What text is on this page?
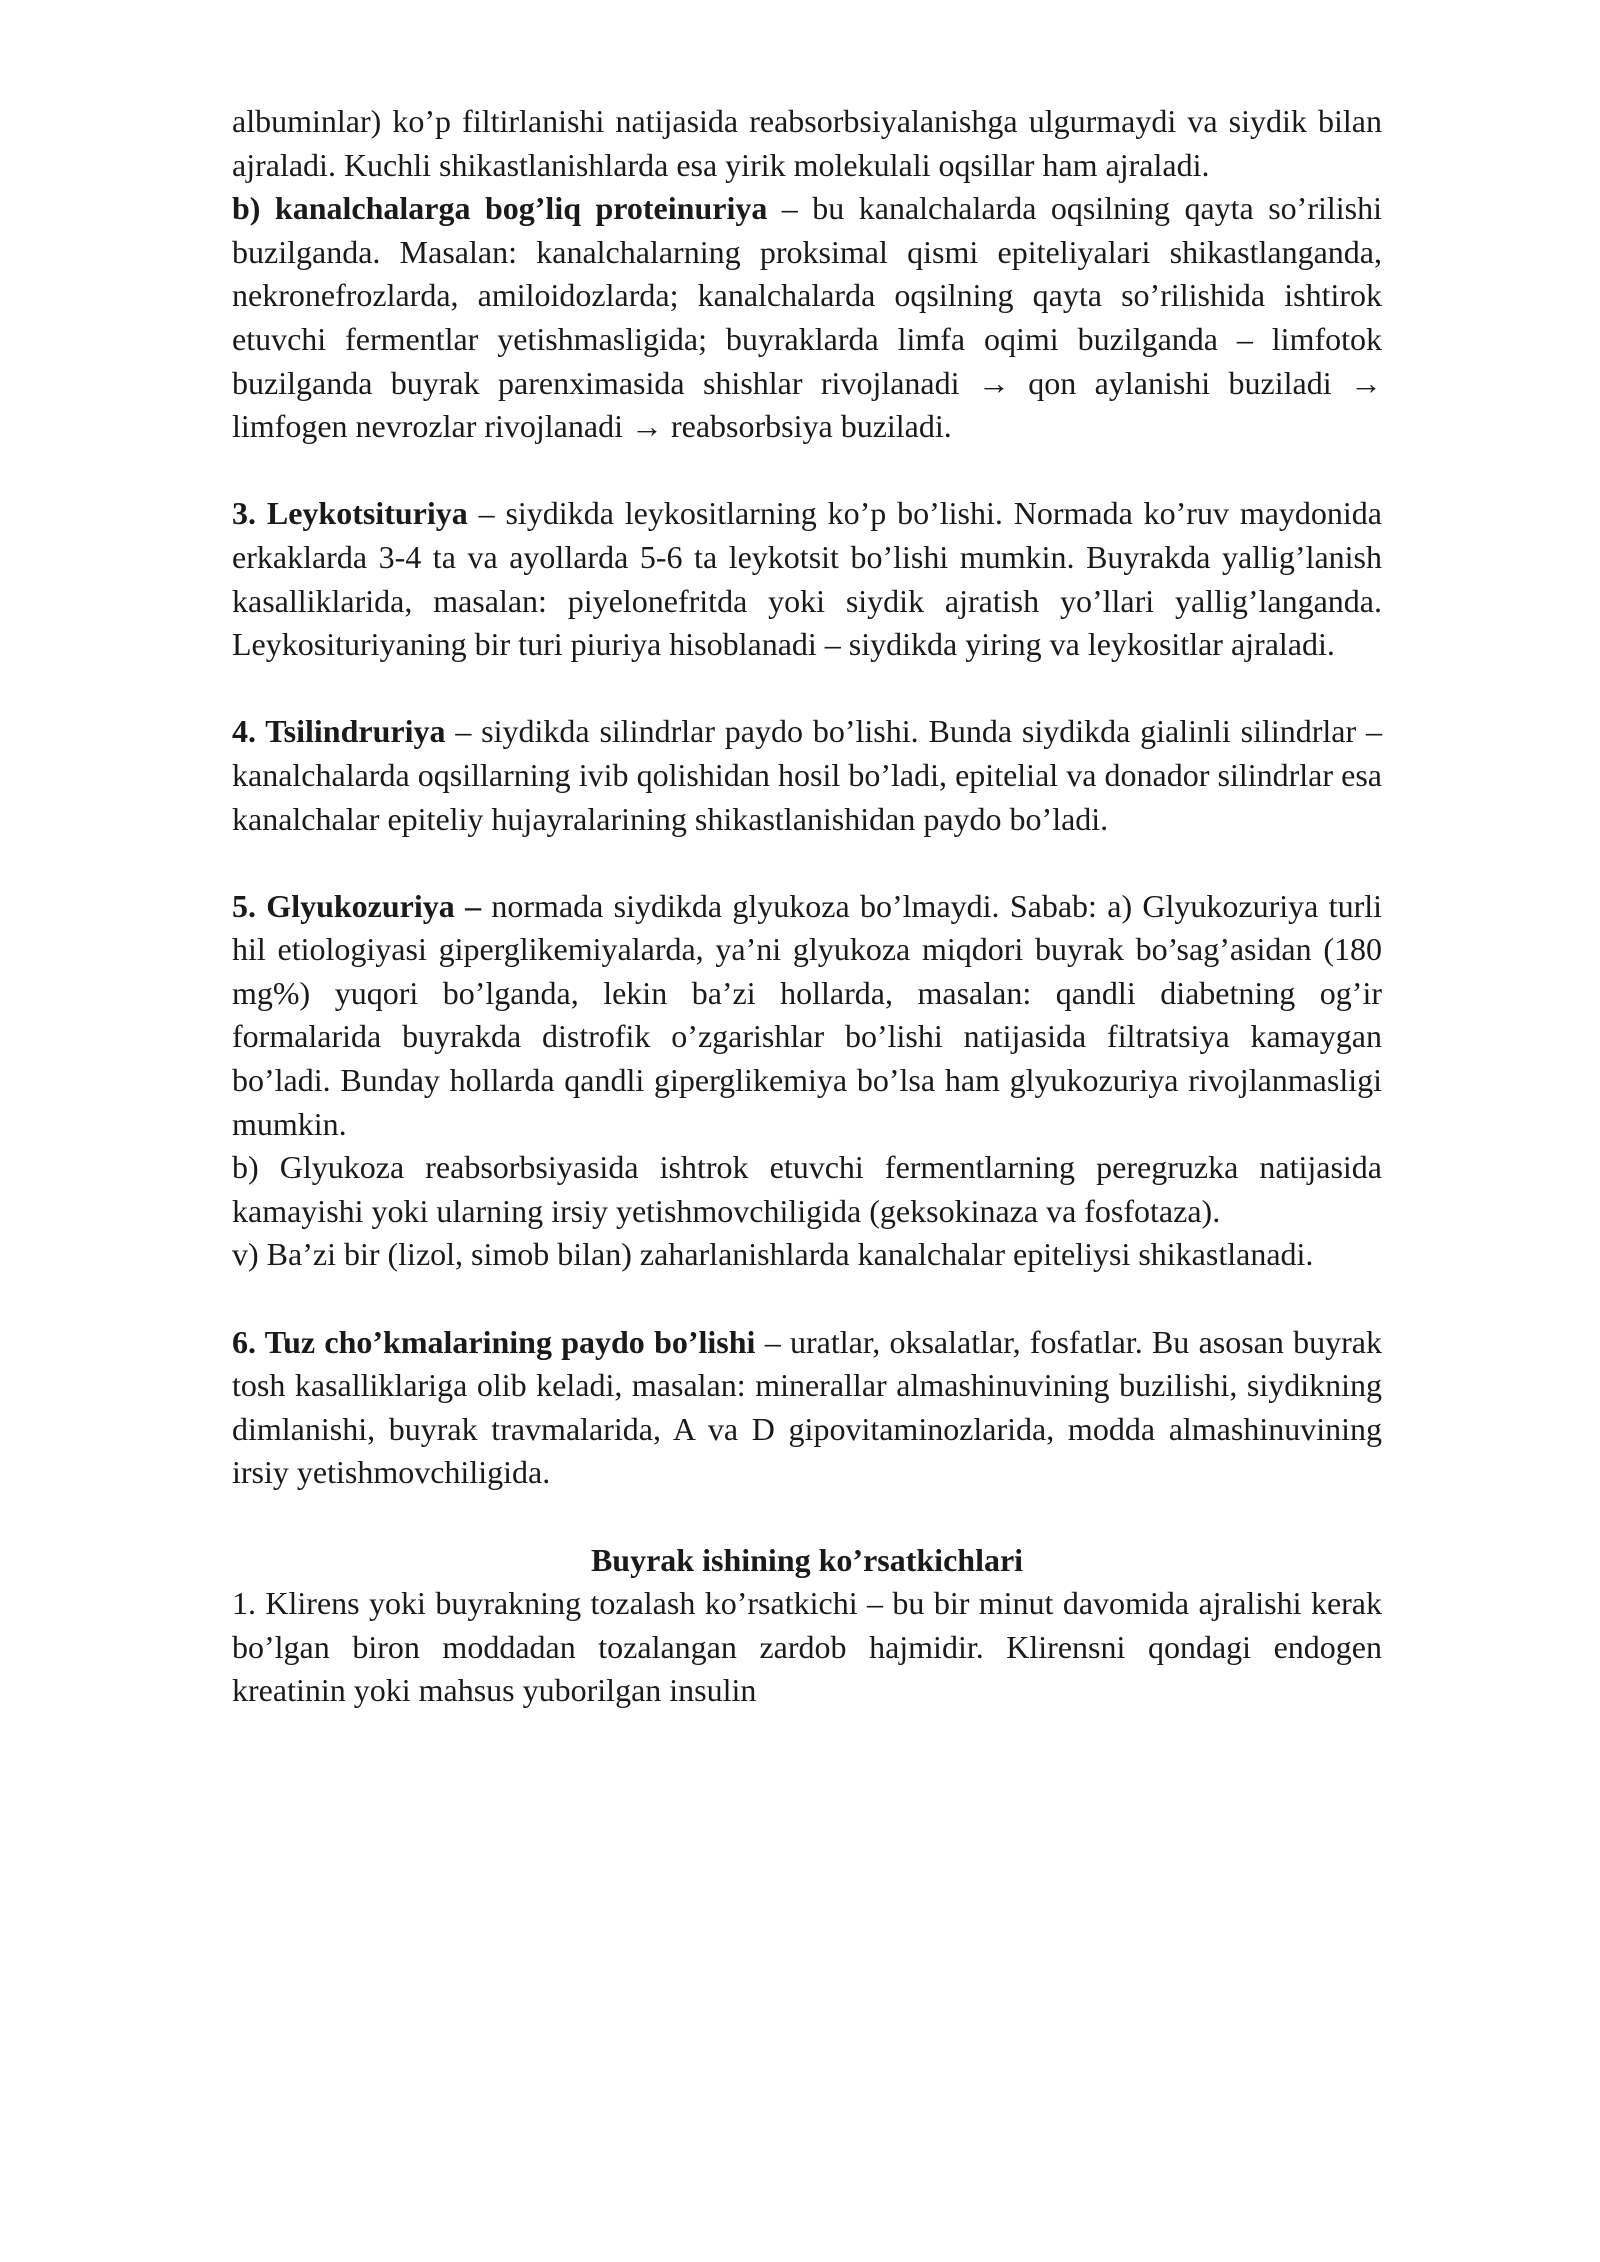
albuminlar) ko’p filtirlanishi natijasida reabsorbsiyalanishga ulgurmaydi va siydik bilan ajraladi. Kuchli shikastlanishlarda esa yirik molekulali oqsillar ham ajraladi.

b) kanalchalarga bog’liq proteinuriya – bu kanalchalarda oqsilning qayta so’rilishi buzilganda. Masalan: kanalchalarning proksimal qismi epiteliyalari shikastlanganda, nekronefrozlarda, amiloidozlarda; kanalchalarda oqsilning qayta so’rilishida ishtirok etuvchi fermentlar yetishmasligida; buyraklarda limfa oqimi buzilganda – limfotok buzilganda buyrak parenximasida shishlar rivojlanadi → qon aylanishi buziladi → limfogen nevrozlar rivojlanadi → reabsorbsiya buziladi.

3. Leykotsituriya – siydikda leykositlarning ko’p bo’lishi. Normada ko’ruv maydonida erkaklarda 3-4 ta va ayollarda 5-6 ta leykotsit bo’lishi mumkin. Buyrakda yallig’lanish kasalliklarida, masalan: piyelonefritda yoki siydik ajratish yo’llari yallig’langanda. Leykosituriyaning bir turi piuriya hisoblanadi – siydikda yiring va leykositlar ajraladi.

4. Tsilindruriya – siydikda silindrlar paydo bo’lishi. Bunda siydikda gialinli silindrlar – kanalchalarda oqsillarning ivib qolishidan hosil bo’ladi, epitelial va donador silindrlar esa kanalchalar epiteliy hujayralarining shikastlanishidan paydo bo’ladi.

5. Glyukozuriya – normada siydikda glyukoza bo’lmaydi. Sabab: a) Glyukozuriya turli hil etiologiyasi giperglikemiyalarda, ya’ni glyukoza miqdori buyrak bo’sag’asidan (180 mg%) yuqori bo’lganda, lekin ba’zi hollarda, masalan: qandli diabetning og’ir formalarida buyrakda distrofik o’zgarishlar bo’lishi natijasida filtratsiya kamaygan bo’ladi. Bunday hollarda qandli giperglikemiya bo’lsa ham glyukozuriya rivojlanmasligi mumkin.

b) Glyukoza reabsorbsiyasida ishtrok etuvchi fermentlarning peregruzka natijasida kamayishi yoki ularning irsiy yetishmovchiligida (geksokinaza va fosfotaza).

v) Ba’zi bir (lizol, simob bilan) zaharlanishlarda kanalchalar epiteliysi shikastlanadi.

6. Tuz cho’kmalarining paydo bo’lishi – uratlar, oksalatlar, fosfatlar. Bu asosan buyrak tosh kasalliklariga olib keladi, masalan: minerallar almashinuvining buzilishi, siydikning dimlanishi, buyrak travmalarida, A va D gipovitaminozlarida, modda almashinuvining irsiy yetishmovchiligida.

Buyrak ishining ko’rsatkichlari

1. Klirens yoki buyrakning tozalash ko’rsatkichi – bu bir minut davomida ajralishi kerak bo’lgan biron moddadan tozalangan zardob hajmidir. Klirensni qondagi endogen kreatinin yoki mahsus yuborilgan insulin
